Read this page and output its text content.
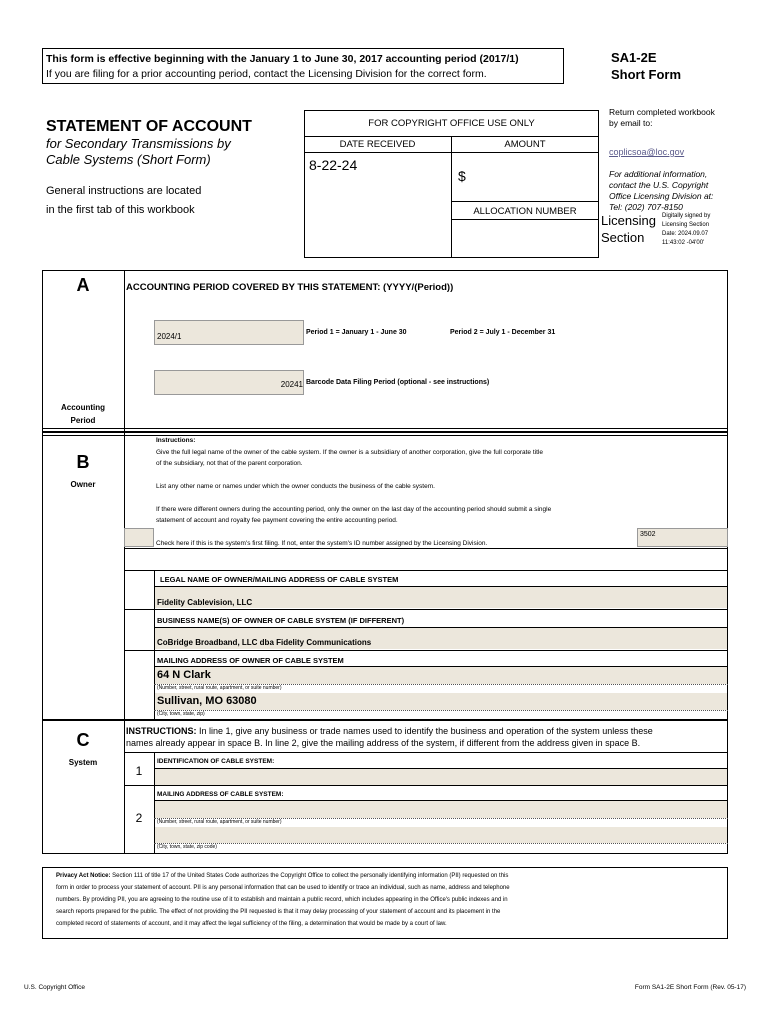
This form is effective beginning with the January 1 to June 30, 2017 accounting period (2017/1)
If you are filing for a prior accounting period, contact the Licensing Division for the correct form.
SA1-2E
Short Form
STATEMENT OF ACCOUNT
for Secondary Transmissions by
Cable Systems (Short Form)
General instructions are located
in the first tab of this workbook
FOR COPYRIGHT OFFICE USE ONLY
DATE RECEIVED	AMOUNT
8-22-24
$
ALLOCATION NUMBER
Return completed workbook
by email to:
coplicsoa@loc.gov
For additional information,
contact the U.S. Copyright
Office Licensing Division at:
Tel: (202) 707-8150
Licensing
Section
Digitally signed by
Licensing Section
Date: 2024.09.07
11:43:02 -04'00'
A
Accounting
Period
ACCOUNTING PERIOD COVERED BY THIS STATEMENT: (YYYY/(Period))
2024/1	Period 1 = January 1 - June 30	Period 2 = July 1 - December 31
20241 Barcode Data Filing Period (optional - see instructions)
B
Owner
Instructions:
Give the full legal name of the owner of the cable system. If the owner is a subsidiary of another corporation, give the full corporate title
of the subsidiary, not that of the parent corporation.
List any other name or names under which the owner conducts the business of the cable system.
If there were different owners during the accounting period, only the owner on the last day of the accounting period should submit a single
statement of account and royalty fee payment covering the entire accounting period.
Check here if this is the system's first filing. If not, enter the system's ID number assigned by the Licensing Division.
3502
LEGAL NAME OF OWNER/MAILING ADDRESS OF CABLE SYSTEM
Fidelity Cablevision, LLC
BUSINESS NAME(S) OF OWNER OF CABLE SYSTEM (IF DIFFERENT)
CoBridge Broadband, LLC dba Fidelity Communications
MAILING ADDRESS OF OWNER OF CABLE SYSTEM
64 N Clark
(Number, street, rural route, apartment, or suite number)
Sullivan, MO 63080
(City, town, state, zip)
C
System
INSTRUCTIONS: In line 1, give any business or trade names used to identify the business and operation of the system unless these
names already appear in space B. In line 2, give the mailing address of the system, if different from the address given in space B.
1
IDENTIFICATION OF CABLE SYSTEM:
2
MAILING ADDRESS OF CABLE SYSTEM:
(Number, street, rural route, apartment, or suite number)
(City, town, state, zip code)
Privacy Act Notice: Section 111 of title 17 of the United States Code authorizes the Copyright Office to collect the personally identifying information (PII) requested on this
form in order to process your statement of account. PII is any personal information that can be used to identify or trace an individual, such as name, address and telephone
numbers. By providing PII, you are agreeing to the routine use of it to establish and maintain a public record, which includes appearing in the Office's public indexes and in
search reports prepared for the public. The effect of not providing the PII requested is that it may delay processing of your statement of account and its placement in the
completed record of statements of account, and it may affect the legal sufficiency of the filing, a determination that would be made by a court of law.
U.S. Copyright Office	Form SA1-2E Short Form (Rev. 05-17)
